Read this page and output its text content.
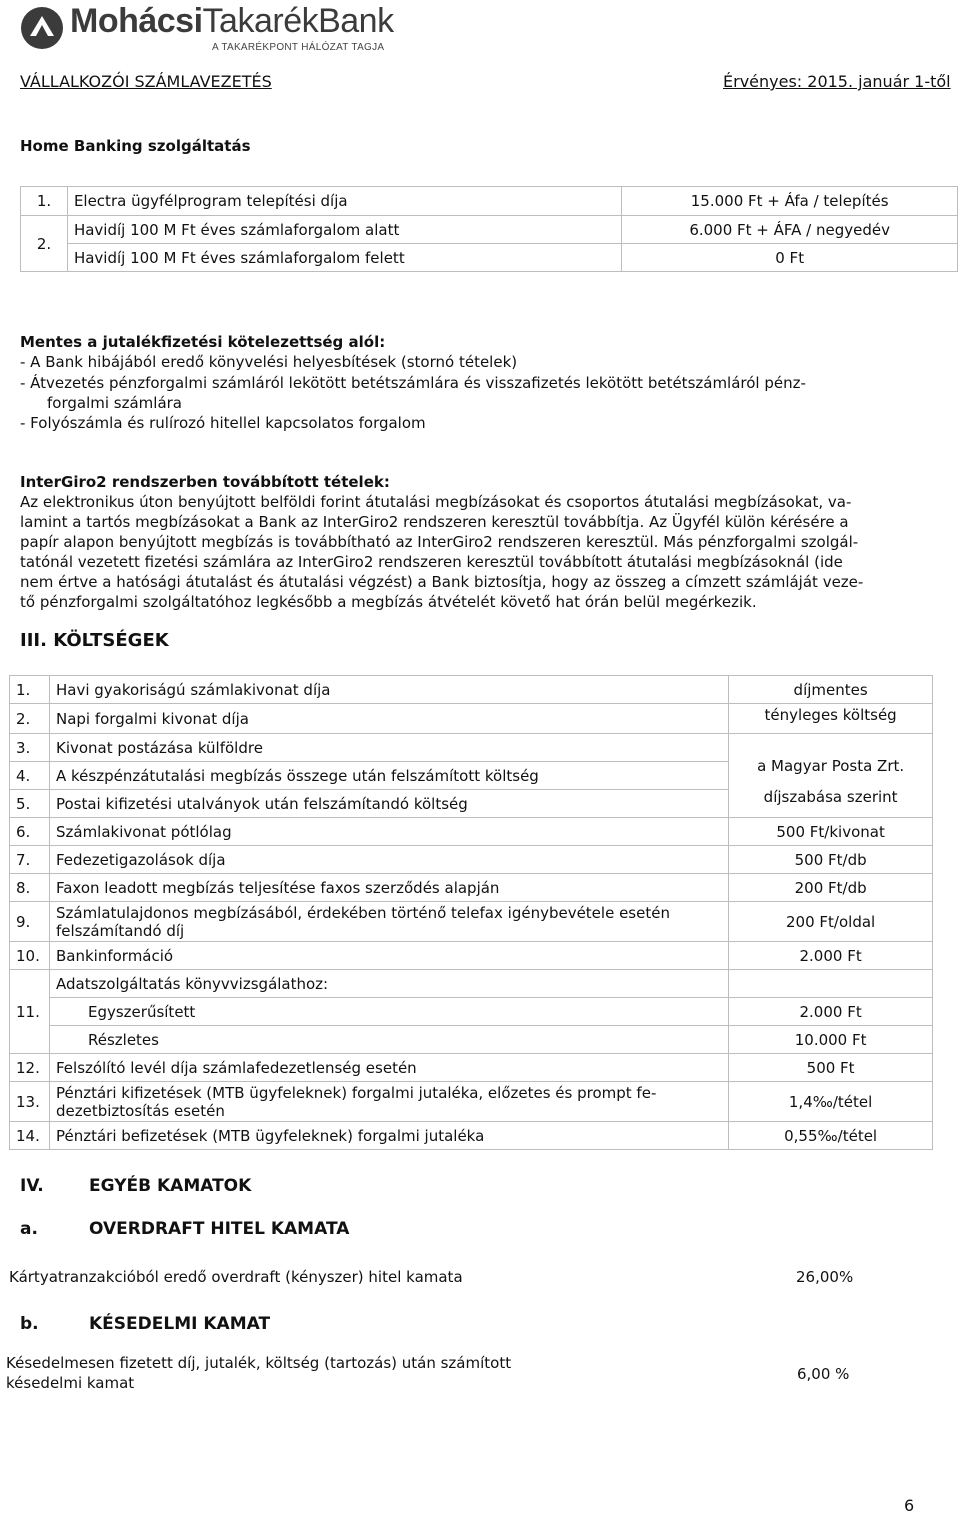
MohácsiTakarékBank
A TAKARÉKPONT HÁLÓZAT TAGJA
VÁLLALKOZÓI SZÁMLAVEZETÉS	Érvényes: 2015. január 1-től
Home Banking szolgáltatás
1.	Electra ügyfélprogram telepítési díja	15.000 Ft + Áfa / telepítés
2.	Havidíj 100 M Ft éves számlaforgalom alatt	6.000 Ft + ÁFA / negyedév
	Havidíj 100 M Ft éves számlaforgalom felett	0 Ft
Mentes a jutalékfizetési kötelezettség alól:
- A Bank hibájából eredő könyvelési helyesbítések (stornó tételek)
- Átvezetés pénzforgalmi számláról lekötött betétszámlára és visszafizetés lekötött betétszámláról pénz-
forgalmi számlára
- Folyószámla és rulírozó hitellel kapcsolatos forgalom
InterGiro2 rendszerben továbbított tételek:
Az elektronikus úton benyújtott belföldi forint átutalási megbízásokat és csoportos átutalási megbízásokat, va-
lamint a tartós megbízásokat a Bank az InterGiro2 rendszeren keresztül továbbítja. Az Ügyfél külön kérésére a
papír alapon benyújtott megbízás is továbbítható az InterGiro2 rendszeren keresztül. Más pénzforgalmi szolgál-
tatónál vezetett fizetési számlára az InterGiro2 rendszeren keresztül továbbított átutalási megbízásoknál (ide
nem értve a hatósági átutalást és átutalási végzést) a Bank biztosítja, hogy az összeg a címzett számláját veze-
tő pénzforgalmi szolgáltatóhoz legkésőbb a megbízás átvételét követő hat órán belül megérkezik.
III. KÖLTSÉGEK
1.	Havi gyakoriságú számlakivonat díja	díjmentes
2.	Napi forgalmi kivonat díja	tényleges költség
3.	Kivonat postázása külföldre	a Magyar Posta Zrt.
díjszabása szerint

4.	A készpénzátutalási megbízás összege után felszámított költség	
5.	Postai kifizetési utalványok után felszámítandó költség	
6.	Számlakivonat pótlólag	500 Ft/kivonat
7.	Fedezetigazolások díja	500 Ft/db
8.	Faxon leadott megbízás teljesítése faxos szerződés alapján	200 Ft/db
9.	Számlatulajdonos megbízásából, érdekében történő telefax igénybevétele esetén
felszámítandó díj	200 Ft/oldal
10.	Bankinformáció	2.000 Ft
11.	Adatszolgáltatás könyvvizsgálathoz:	
	Egyszerűsített	2.000 Ft
	Részletes	10.000 Ft
12.	Felszólító levél díja számlafedezetlenség esetén	500 Ft
13.	Pénztári kifizetések (MTB ügyfeleknek) forgalmi jutaléka, előzetes és prompt fe-
dezetbiztosítás esetén	1,4‰/tétel
14.	Pénztári befizetések (MTB ügyfeleknek) forgalmi jutaléka	0,55‰/tétel
IV.	EGYÉB KAMATOK
a.	OVERDRAFT HITEL KAMATA
Kártyatranzakcióból eredő overdraft (kényszer) hitel kamata	26,00%
b.	KÉSEDELMI KAMAT
Késedelmesen fizetett díj, jutalék, költség (tartozás) után számított
késedelmi kamat	6,00 %
6
